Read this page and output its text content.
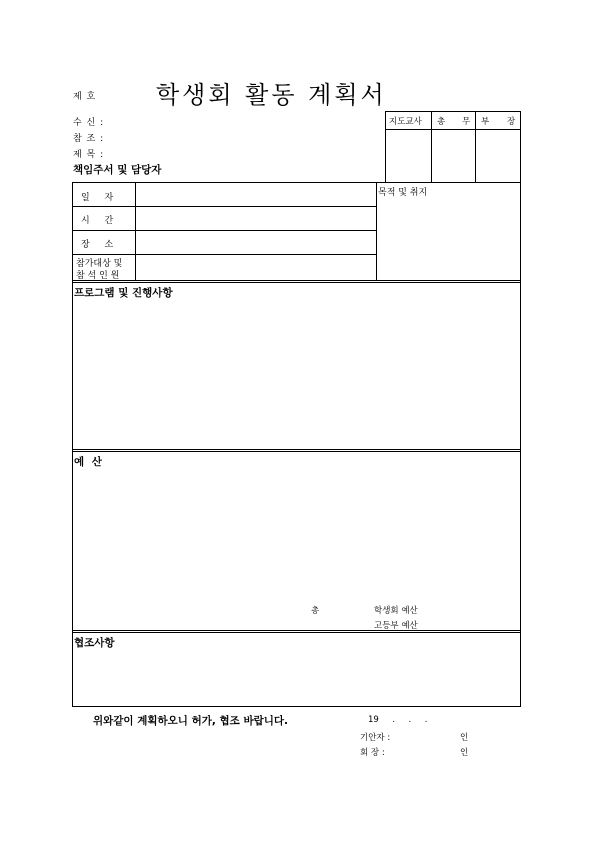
제 호 학생회 활동 계획서
수 신 :
참 조 :
제 목 :
책임주서 및 담당자
지도교사 총 무 부 장
일 자
시 간
장 소
참가대상 및
참 석 인 원
목적 및 취지
프로그램 및 진행사항
예 산
총	학생회 예산
고등부 예산
협조사항
위와같이 계획하오니 허가, 협조 바랍니다.	19     .     .     .
기안자 :	인
회 장 :	인
